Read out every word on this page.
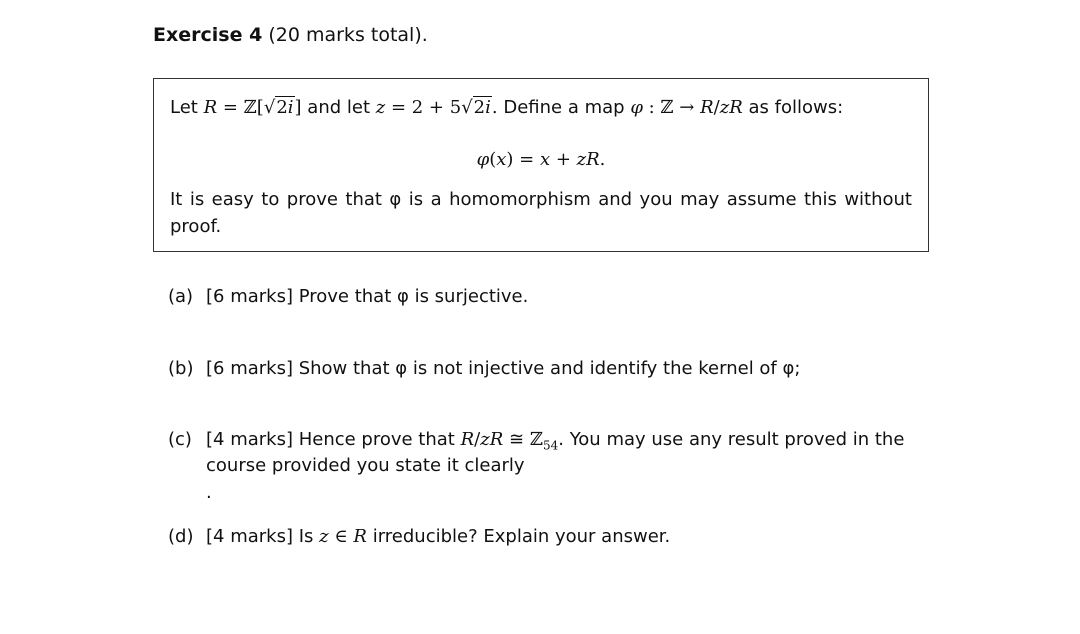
Exercise 4 (20 marks total).
Let R = ℤ[√2i] and let z = 2 + 5√2i. Define a map φ : ℤ → R/zR as follows:
φ(x) = x + zR.
It is easy to prove that φ is a homomorphism and you may assume this without proof.
(a) [6 marks] Prove that φ is surjective.
(b) [6 marks] Show that φ is not injective and identify the kernel of φ;
(c) [4 marks] Hence prove that R/zR ≅ ℤ$_{54}$. You may use any result proved in the
course provided you state it clearly
.
(d) [4 marks] Is z ∈ R irreducible? Explain your answer.
